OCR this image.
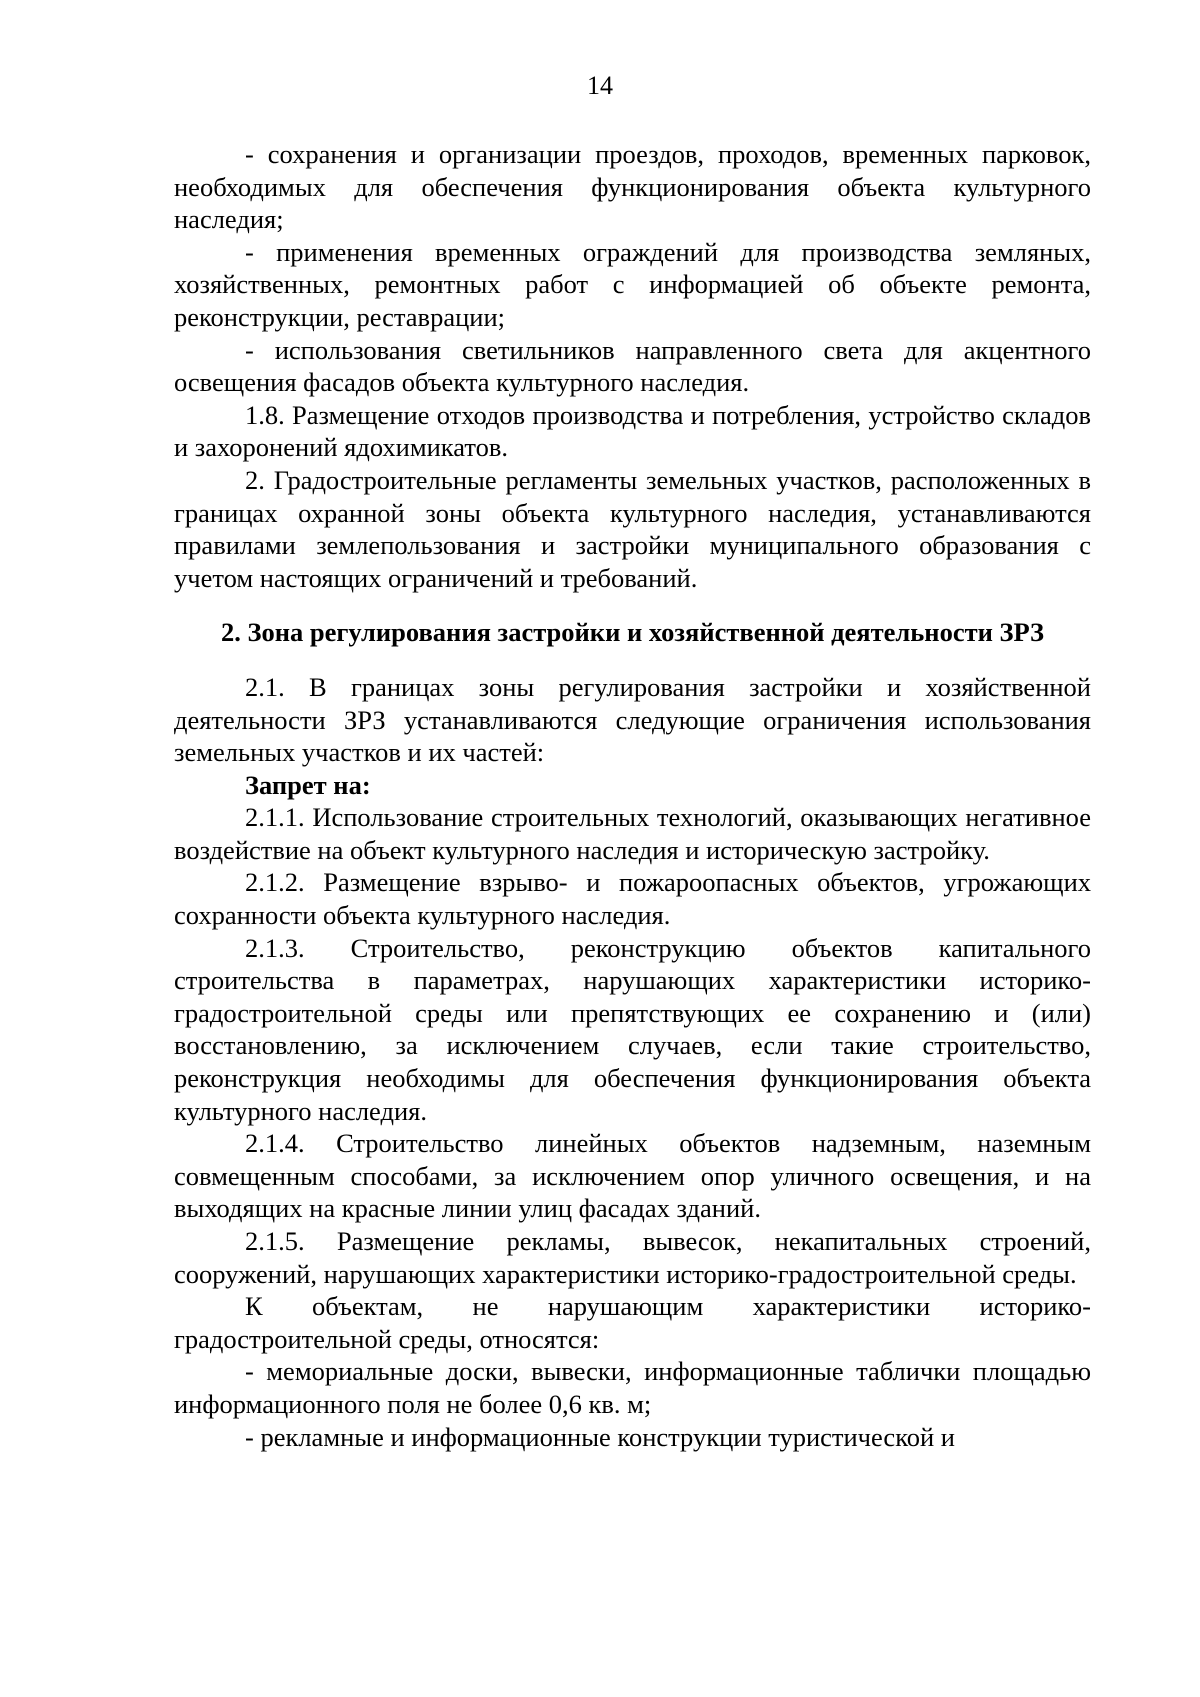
14

- сохранения и организации проездов, проходов, временных парковок, необходимых для обеспечения функционирования объекта культурного наследия;

- применения временных ограждений для производства земляных, хозяйственных, ремонтных работ с информацией об объекте ремонта, реконструкции, реставрации;

- использования светильников направленного света для акцентного освещения фасадов объекта культурного наследия.

1.8. Размещение отходов производства и потребления, устройство складов и захоронений ядохимикатов.

2. Градостроительные регламенты земельных участков, расположенных в границах охранной зоны объекта культурного наследия, устанавливаются правилами землепользования и застройки муниципального образования с учетом настоящих ограничений и требований.

2. Зона регулирования застройки и хозяйственной деятельности ЗРЗ

2.1. В границах зоны регулирования застройки и хозяйственной деятельности ЗРЗ устанавливаются следующие ограничения использования земельных участков и их частей:

Запрет на:

2.1.1. Использование строительных технологий, оказывающих негативное воздействие на объект культурного наследия и историческую застройку.

2.1.2. Размещение взрыво- и пожароопасных объектов, угрожающих сохранности объекта культурного наследия.

2.1.3. Строительство, реконструкцию объектов капитального строительства в параметрах, нарушающих характеристики историко-градостроительной среды или препятствующих ее сохранению и (или) восстановлению, за исключением случаев, если такие строительство, реконструкция необходимы для обеспечения функционирования объекта культурного наследия.

2.1.4. Строительство линейных объектов надземным, наземным совмещенным способами, за исключением опор уличного освещения, и на выходящих на красные линии улиц фасадах зданий.

2.1.5. Размещение рекламы, вывесок, некапитальных строений, сооружений, нарушающих характеристики историко-градостроительной среды.

К объектам, не нарушающим характеристики историко-градостроительной среды, относятся:

- мемориальные доски, вывески, информационные таблички площадью информационного поля не более 0,6 кв. м;

- рекламные и информационные конструкции туристической и
